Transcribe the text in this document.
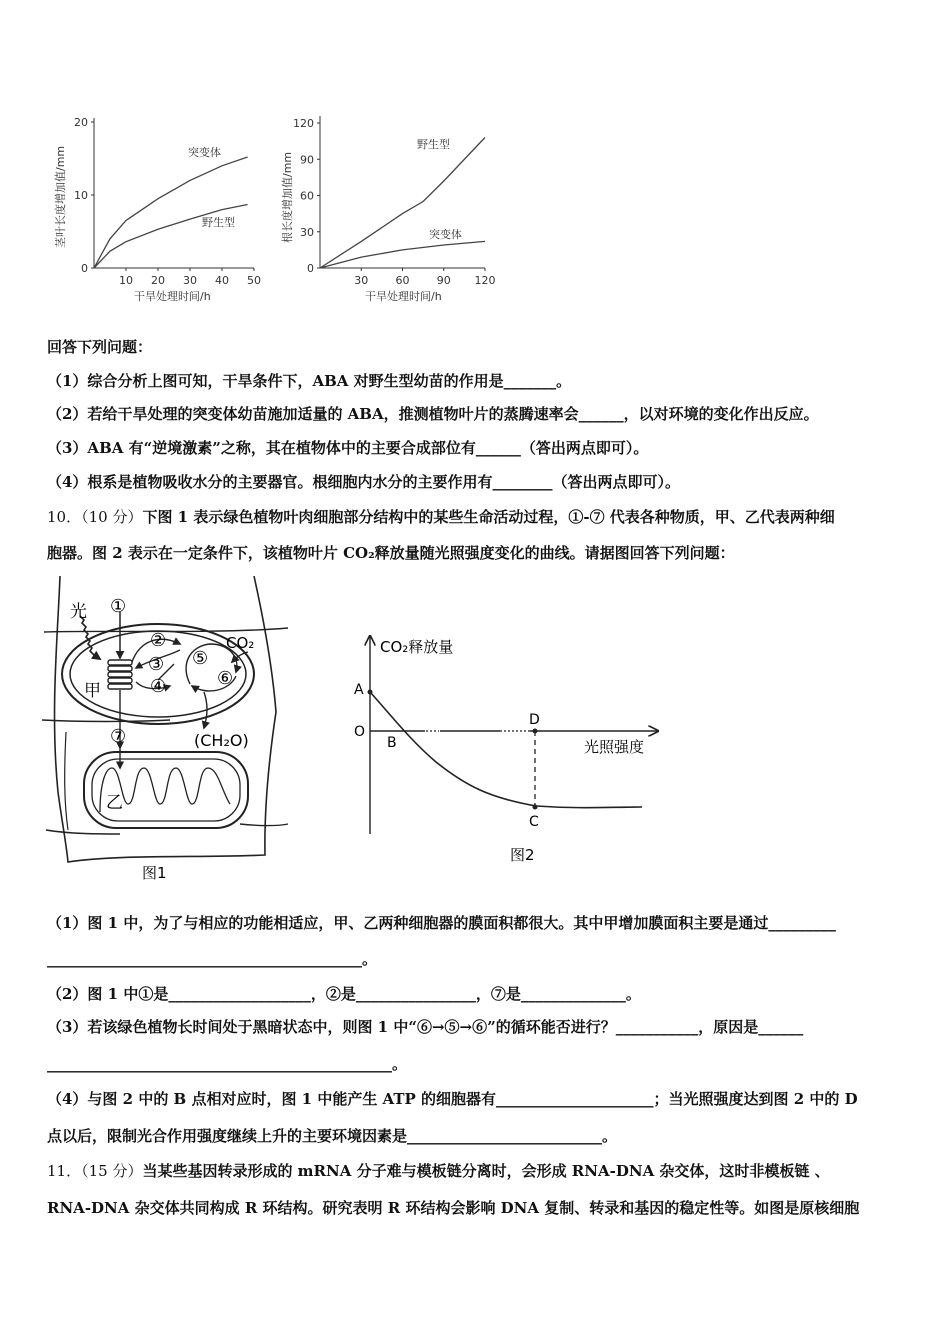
0
10
20
10 20 30 40 50
突变体
野生型
茎叶长度增加值/mm
干旱处理时间/h
0
30
60
90
120
30 60 90 120
野生型
突变体
根长度增加值/mm
干旱处理时间/h
回答下列问题：
（1）综合分析上图可知，干旱条件下，ABA 对野生型幼苗的作用是_______。
（2）若给干旱处理的突变体幼苗施加适量的 ABA，推测植物叶片的蒸腾速率会______，以对环境的变化作出反应。
（3）ABA 有“逆境激素”之称，其在植物体中的主要合成部位有______（答出两点即可）。
（4）根系是植物吸收水分的主要器官。根细胞内水分的主要作用有________（答出两点即可）。
10．（10 分）下图 1 表示绿色植物叶肉细胞部分结构中的某些生命活动过程，①-⑦ 代表各种物质，甲、乙代表两种细
胞器。图 2 表示在一定条件下，该植物叶片 CO₂释放量随光照强度变化的曲线。请据图回答下列问题：
光 ①
②
③
④
⑤
⑥
CO₂
(CH₂O)
甲
⑦
乙
图1
CO₂释放量
光照强度
A
O
B
D
C
图2
（1）图 1 中，为了与相应的功能相适应，甲、乙两种细胞器的膜面积都很大。其中甲增加膜面积主要是通过_________
__________________________________________。
（2）图 1 中①是___________________，②是________________，⑦是______________。
（3）若该绿色植物长时间处于黑暗状态中，则图 1 中“⑥→⑤→⑥”的循环能否进行？___________，原因是______
______________________________________________。
（4）与图 2 中的 B 点相对应时，图 1 中能产生 ATP 的细胞器有_____________________；当光照强度达到图 2 中的 D
点以后，限制光合作用强度继续上升的主要环境因素是__________________________。
11．（15 分）当某些基因转录形成的 mRNA 分子难与模板链分离时，会形成 RNA-DNA 杂交体，这时非模板链 、
RNA-DNA 杂交体共同构成 R 环结构。研究表明 R 环结构会影响 DNA 复制、转录和基因的稳定性等。如图是原核细胞
